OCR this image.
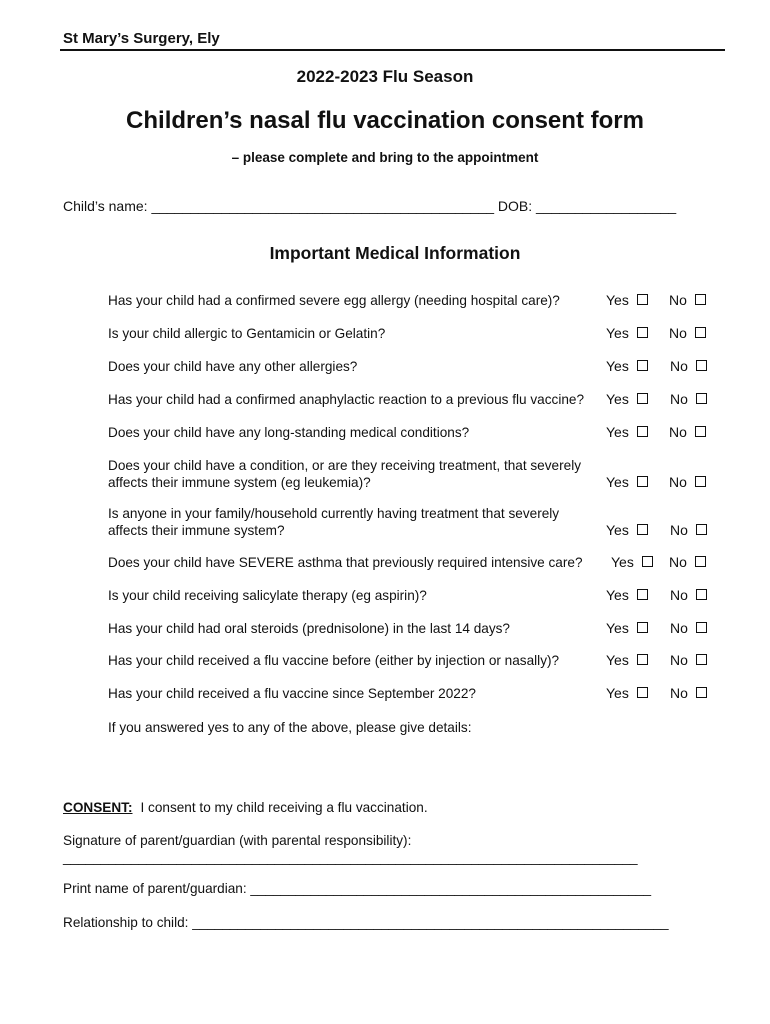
St Mary’s Surgery, Ely
2022-2023 Flu Season
Children’s nasal flu vaccination consent form
– please complete and bring to the appointment
Child’s name: ____________________________________________ DOB: __________________
Important Medical Information
Has your child had a confirmed severe egg allergy (needing hospital care)?	Yes	No
Is your child allergic to Gentamicin or Gelatin?	Yes	No
Does your child have any other allergies?	Yes	No
Has your child had a confirmed anaphylactic reaction to a previous flu vaccine? Yes	No
Does your child have any long-standing medical conditions?	Yes	No
Does your child have a condition, or are they receiving treatment, that severely
affects their immune system (eg leukemia)?	Yes	No
Is anyone in your family/household currently having treatment that severely
affects their immune system?	Yes	No
Does your child have SEVERE asthma that previously required intensive care? Yes	No
Is your child receiving salicylate therapy (eg aspirin)?	Yes	No
Has your child had oral steroids (prednisolone) in the last 14 days?	Yes	No
Has your child received a flu vaccine before (either by injection or nasally)?	Yes	No
Has your child received a flu vaccine since September 2022?	Yes	No
If you answered yes to any of the above, please give details:
CONSENT: I consent to my child receiving a flu vaccination.
Signature of parent/guardian (with parental responsibility):
____________________________________________________________________________
Print name of parent/guardian: _____________________________________________________
Relationship to child: _______________________________________________________________
